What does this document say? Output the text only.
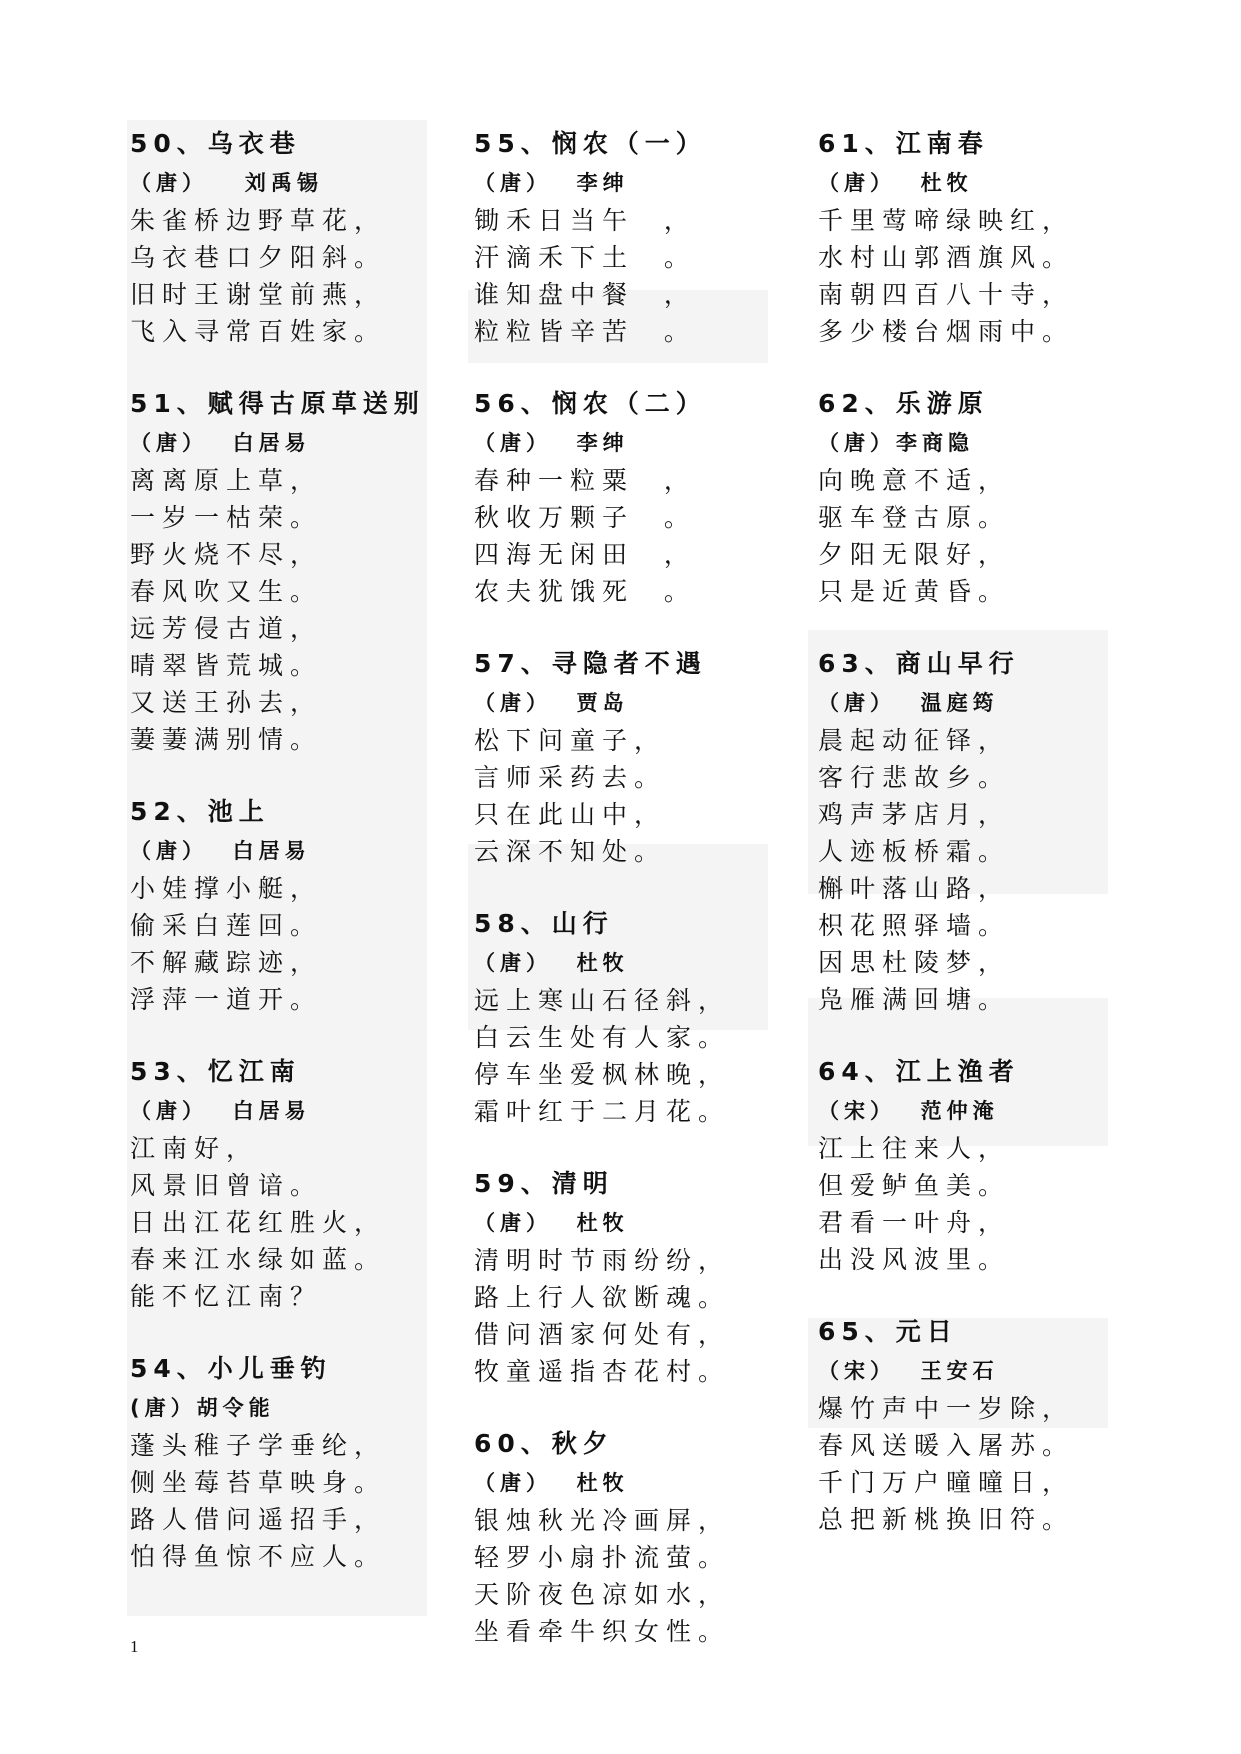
50、乌衣巷
（唐）   刘禹锡
朱雀桥边野草花，
乌衣巷口夕阳斜。
旧时王谢堂前燕，
飞入寻常百姓家。
51、赋得古原草送别
（唐）  白居易
离离原上草，
一岁一枯荣。
野火烧不尽，
春风吹又生。
远芳侵古道，
晴翠皆荒城。
又送王孙去，
萋萋满别情。
52、池上
（唐）  白居易
小娃撑小艇，
偷采白莲回。
不解藏踪迹，
浮萍一道开。
53、忆江南
（唐）  白居易
江南好，
风景旧曾谙。
日出江花红胜火，
春来江水绿如蓝。
能不忆江南？
54、小儿垂钓
(唐）胡令能
蓬头稚子学垂纶，
侧坐莓苔草映身。
路人借问遥招手，
怕得鱼惊不应人。
55、悯农（一）
（唐）  李绅
锄禾日当午  ，
汗滴禾下土  。
谁知盘中餐  ，
粒粒皆辛苦  。
56、悯农（二）
（唐）  李绅
春种一粒粟  ，
秋收万颗子  。
四海无闲田  ，
农夫犹饿死  。
57、寻隐者不遇
（唐）  贾岛
松下问童子，
言师采药去。
只在此山中，
云深不知处。
58、山行
（唐）  杜牧
远上寒山石径斜，
白云生处有人家。
停车坐爱枫林晚，
霜叶红于二月花。
59、清明
（唐）  杜牧
清明时节雨纷纷，
路上行人欲断魂。
借问酒家何处有，
牧童遥指杏花村。
60、秋夕
（唐）  杜牧
银烛秋光冷画屏，
轻罗小扇扑流萤。
天阶夜色凉如水，
坐看牵牛织女性。
61、江南春
（唐）  杜牧
千里莺啼绿映红，
水村山郭酒旗风。
南朝四百八十寺，
多少楼台烟雨中。
62、乐游原
（唐）李商隐
向晚意不适，
驱车登古原。
夕阳无限好，
只是近黄昏。
63、商山早行
（唐）  温庭筠
晨起动征铎，
客行悲故乡。
鸡声茅店月，
人迹板桥霜。
槲叶落山路，
枳花照驿墙。
因思杜陵梦，
凫雁满回塘。
64、江上渔者
（宋）  范仲淹
江上往来人，
但爱鲈鱼美。
君看一叶舟，
出没风波里。
65、元日
（宋）  王安石
爆竹声中一岁除，
春风送暖入屠苏。
千门万户曈曈日，
总把新桃换旧符。
1
